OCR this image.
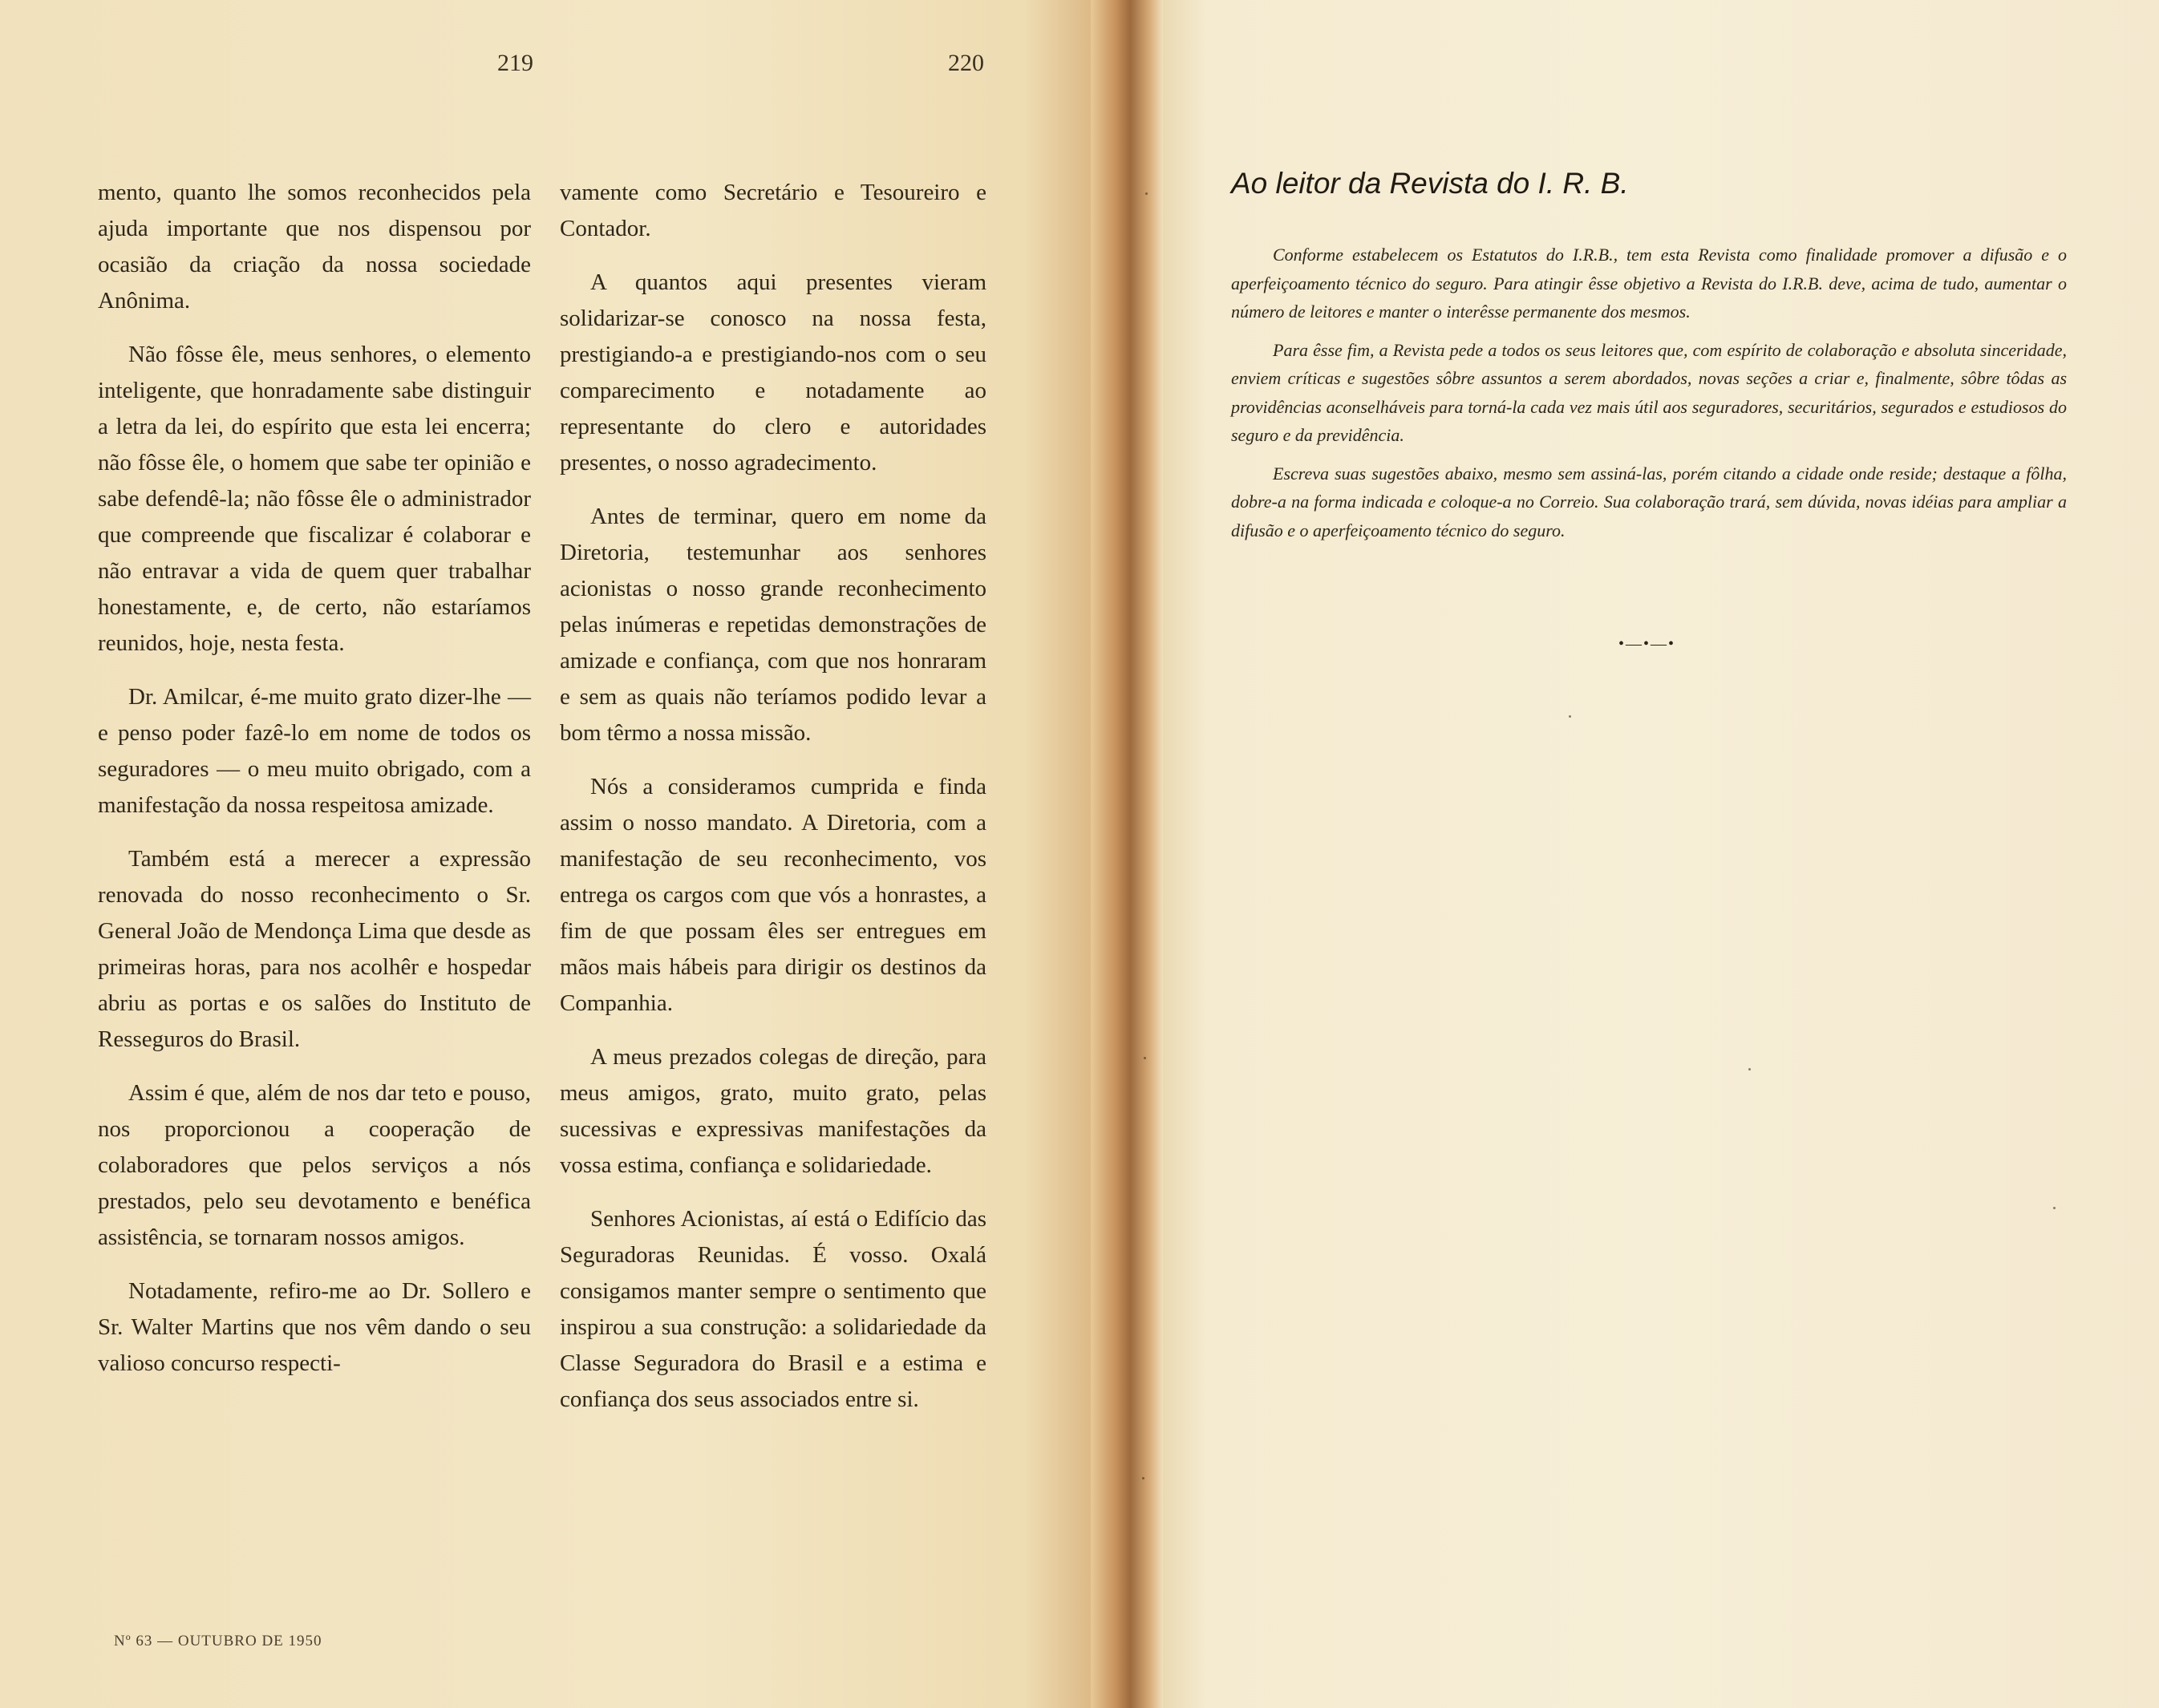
219	220

mento, quanto lhe somos reconhecidos pela ajuda importante que nos dispensou por ocasião da criação da nossa sociedade Anônima.

Não fôsse êle, meus senhores, o elemento inteligente, que honradamente sabe distinguir a letra da lei, do espírito que esta lei encerra; não fôsse êle, o homem que sabe ter opinião e sabe defendê-la; não fôsse êle o administrador que compreende que fiscalizar é colaborar e não entravar a vida de quem quer trabalhar honestamente, e, de certo, não estaríamos reunidos, hoje, nesta festa.

Dr. Amilcar, é-me muito grato dizer-lhe — e penso poder fazê-lo em nome de todos os seguradores — o meu muito obrigado, com a manifestação da nossa respeitosa amizade.

Também está a merecer a expressão renovada do nosso reconhecimento o Sr. General João de Mendonça Lima que desde as primeiras horas, para nos acolhêr e hospedar abriu as portas e os salões do Instituto de Resseguros do Brasil.

Assim é que, além de nos dar teto e pouso, nos proporcionou a cooperação de colaboradores que pelos serviços a nós prestados, pelo seu devotamento e benéfica assistência, se tornaram nossos amigos.

Notadamente, refiro-me ao Dr. Sollero e Sr. Walter Martins que nos vêm dando o seu valioso concurso respecti-

vamente como Secretário e Tesoureiro e Contador.

A quantos aqui presentes vieram solidarizar-se conosco na nossa festa, prestigiando-a e prestigiando-nos com o seu comparecimento e notadamente ao representante do clero e autoridades presentes, o nosso agradecimento.

Antes de terminar, quero em nome da Diretoria, testemunhar aos senhores acionistas o nosso grande reconhecimento pelas inúmeras e repetidas demonstrações de amizade e confiança, com que nos honraram e sem as quais não teríamos podido levar a bom têrmo a nossa missão.

Nós a consideramos cumprida e finda assim o nosso mandato. A Diretoria, com a manifestação de seu reconhecimento, vos entrega os cargos com que vós a honrastes, a fim de que possam êles ser entregues em mãos mais hábeis para dirigir os destinos da Companhia.

A meus prezados colegas de direção, para meus amigos, grato, muito grato, pelas sucessivas e expressivas manifestações da vossa estima, confiança e solidariedade.

Senhores Acionistas, aí está o Edifício das Seguradoras Reunidas. É vosso. Oxalá consigamos manter sempre o sentimento que inspirou a sua construção: a solidariedade da Classe Seguradora do Brasil e a estima e confiança dos seus associados entre si.

Nº 63 — OUTUBRO DE 1950
Ao leitor da Revista do I. R. B.

Conforme estabelecem os Estatutos do I.R.B., tem esta Revista como finalidade promover a difusão e o aperfeiçoamento técnico do seguro. Para atingir êsse objetivo a Revista do I.R.B. deve, acima de tudo, aumentar o número de leitores e manter o interêsse permanente dos mesmos.

Para êsse fim, a Revista pede a todos os seus leitores que, com espírito de colaboração e absoluta sinceridade, enviem críticas e sugestões sôbre assuntos a serem abordados, novas seções a criar e, finalmente, sôbre tôdas as providências aconselháveis para torná-la cada vez mais útil aos seguradores, securitários, segurados e estudiosos do seguro e da previdência.

Escreva suas sugestões abaixo, mesmo sem assiná-las, porém citando a cidade onde reside; destaque a fôlha, dobre-a na forma indicada e coloque-a no Correio. Sua colaboração trará, sem dúvida, novas idéias para ampliar a difusão e o aperfeiçoamento técnico do seguro.

•—•—•
